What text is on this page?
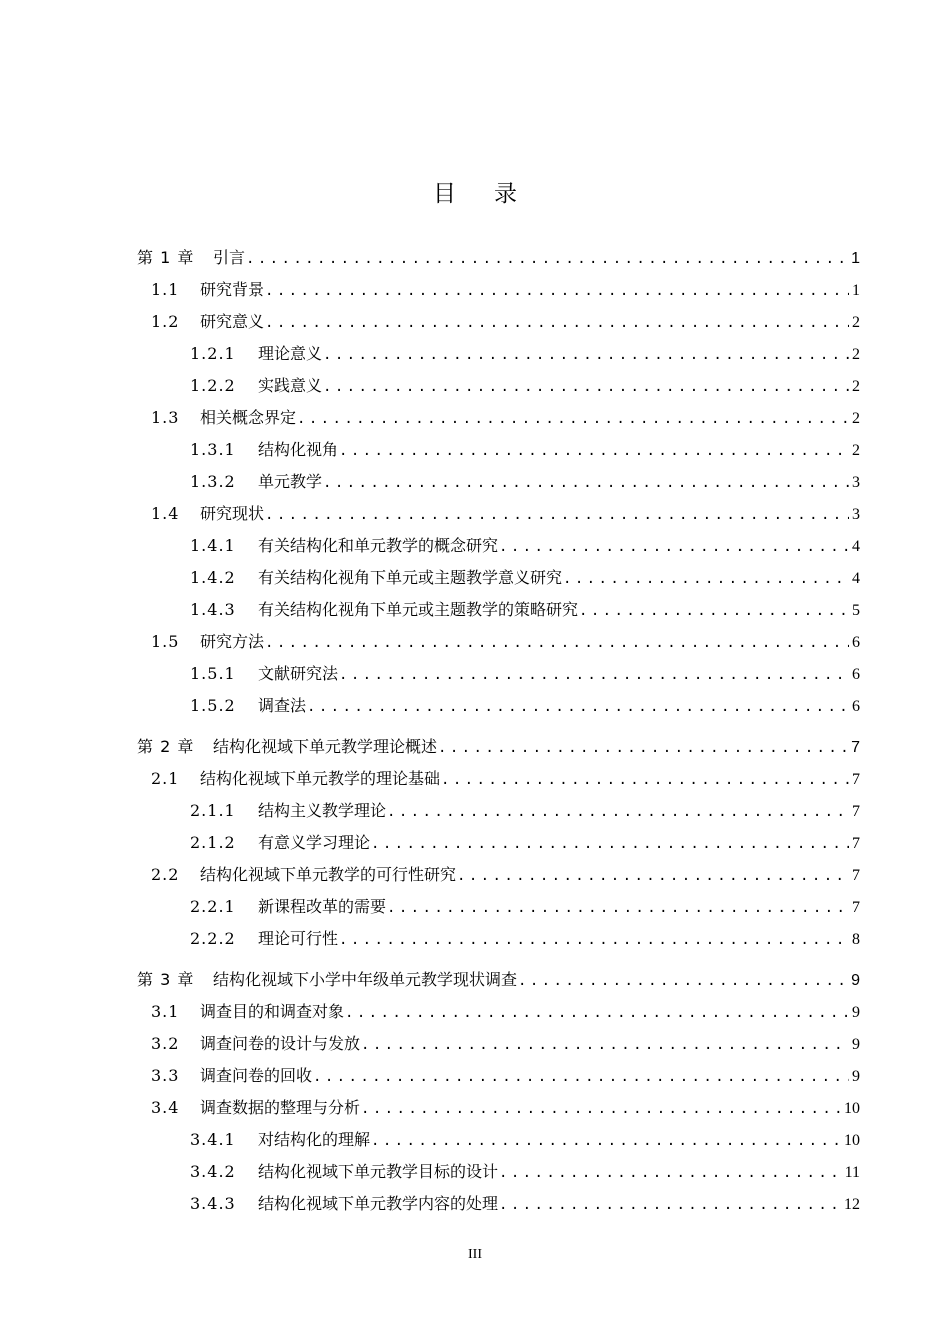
目录
第 1 章	引言 .....	1
1.1	研究背景 .....	1
1.2	研究意义 .....	2
1.2.1	理论意义 .....	2
1.2.2	实践意义 .....	2
1.3	相关概念界定 .....	2
1.3.1	结构化视角 .....	2
1.3.2	单元教学 .....	3
1.4	研究现状 .....	3
1.4.1	有关结构化和单元教学的概念研究 .....	4
1.4.2	有关结构化视角下单元或主题教学意义研究 .....	4
1.4.3	有关结构化视角下单元或主题教学的策略研究 .....	5
1.5	研究方法 .....	6
1.5.1	文献研究法 .....	6
1.5.2	调查法 .....	6
第 2 章	结构化视域下单元教学理论概述 .....	7
2.1	结构化视域下单元教学的理论基础 .....	7
2.1.1	结构主义教学理论 .....	7
2.1.2	有意义学习理论 .....	7
2.2	结构化视域下单元教学的可行性研究 .....	7
2.2.1	新课程改革的需要 .....	7
2.2.2	理论可行性 .....	8
第 3 章	结构化视域下小学中年级单元教学现状调查 .....	9
3.1	调查目的和调查对象 .....	9
3.2	调查问卷的设计与发放 .....	9
3.3	调查问卷的回收 .....	9
3.4	调查数据的整理与分析 .....	10
3.4.1	对结构化的理解 .....	10
3.4.2	结构化视域下单元教学目标的设计 .....	11
3.4.3	结构化视域下单元教学内容的处理 .....	12
III
